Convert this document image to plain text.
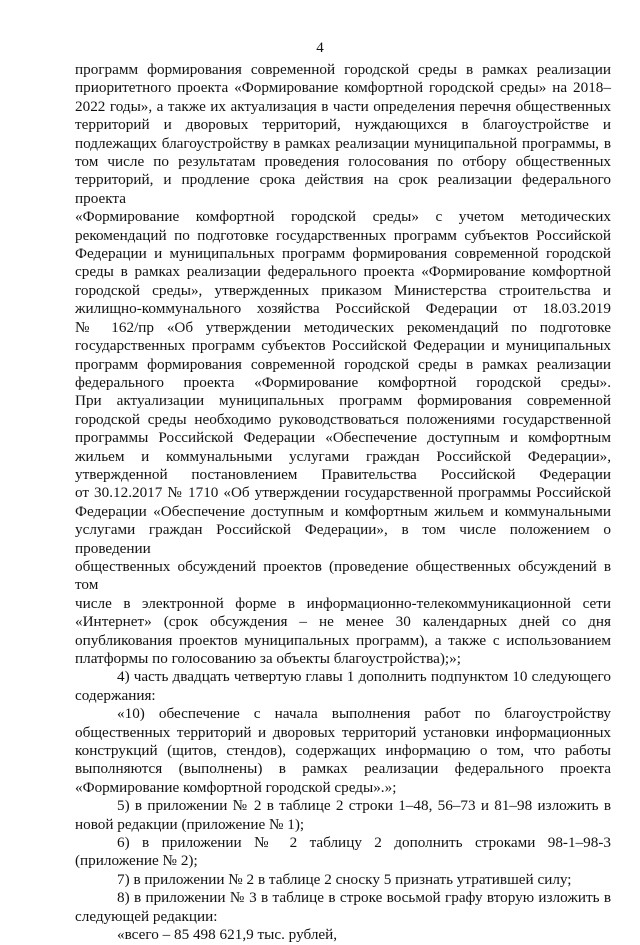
4

программ формирования современной городской среды в рамках реализации

приоритетного проекта «Формирование комфортной городской среды» на 2018–

2022 годы», а также их актуализация в части определения перечня общественных

территорий и дворовых территорий, нуждающихся в благоустройстве и

подлежащих благоустройству в рамках реализации муниципальной программы, в

том числе по результатам проведения голосования по отбору общественных

территорий, и продление срока действия на срок реализации федерального проекта

«Формирование комфортной городской среды» с учетом методических

рекомендаций по подготовке государственных программ субъектов Российской

Федерации и муниципальных программ формирования современной городской

среды в рамках реализации федерального проекта «Формирование комфортной

городской среды», утвержденных приказом Министерства строительства и

жилищно-коммунального хозяйства Российской Федерации от 18.03.2019

№ 162/пр «Об утверждении методических рекомендаций по подготовке

государственных программ субъектов Российской Федерации и муниципальных

программ формирования современной городской среды в рамках реализации

федерального проекта «Формирование комфортной городской среды».

При актуализации муниципальных программ формирования современной

городской среды необходимо руководствоваться положениями государственной

программы Российской Федерации «Обеспечение доступным и комфортным

жильем и коммунальными услугами граждан Российской Федерации»,

утвержденной постановлением Правительства Российской Федерации

от 30.12.2017 № 1710 «Об утверждении государственной программы Российской

Федерации «Обеспечение доступным и комфортным жильем и коммунальными

услугами граждан Российской Федерации», в том числе положением о проведении

общественных обсуждений проектов (проведение общественных обсуждений в том

числе в электронной форме в информационно-телекоммуникационной сети

«Интернет» (срок обсуждения – не менее 30 календарных дней со дня

опубликования проектов муниципальных программ), а также с использованием

платформы по голосованию за объекты благоустройства);»;

4) часть двадцать четвертую главы 1 дополнить подпунктом 10 следующего

содержания:

«10) обеспечение с начала выполнения работ по благоустройству

общественных территорий и дворовых территорий установки информационных

конструкций (щитов, стендов), содержащих информацию о том, что работы

выполняются (выполнены) в рамках реализации федерального проекта

«Формирование комфортной городской среды».»;

5) в приложении № 2 в таблице 2 строки 1–48, 56–73 и 81–98 изложить в

новой редакции (приложение № 1);

6) в приложении № 2 таблицу 2 дополнить строками 98-1–98-3

(приложение № 2);

7) в приложении № 2 в таблице 2 сноску 5 признать утратившей силу;

8) в приложении № 3 в таблице в строке восьмой графу вторую изложить в

следующей редакции:

«всего – 85 498 621,9 тыс. рублей,
